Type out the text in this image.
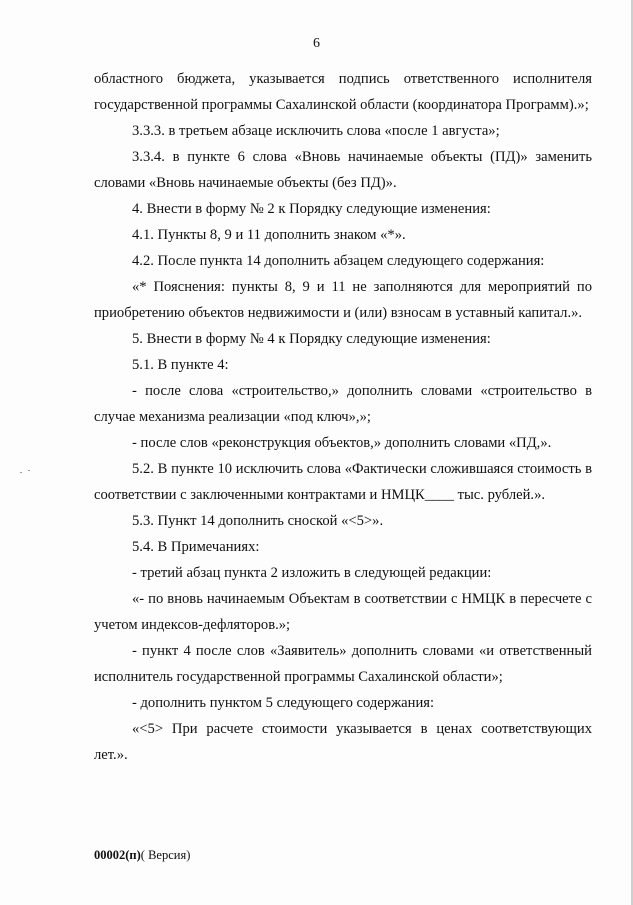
6

областного бюджета, указывается подпись ответственного исполнителя государственной программы Сахалинской области (координатора Программ).»;

3.3.3. в третьем абзаце исключить слова «после 1 августа»;

3.3.4. в пункте 6 слова «Вновь начинаемые объекты (ПД)» заменить словами «Вновь начинаемые объекты (без ПД)».

4. Внести в форму № 2 к Порядку следующие изменения:

4.1. Пункты 8, 9 и 11 дополнить знаком «*».

4.2. После пункта 14 дополнить абзацем следующего содержания:

«* Пояснения: пункты 8, 9 и 11 не заполняются для мероприятий по приобретению объектов недвижимости и (или) взносам в уставный капитал.».

5. Внести в форму № 4 к Порядку следующие изменения:

5.1. В пункте 4:

- после слова «строительство,» дополнить словами «строительство в случае механизма реализации «под ключ»,»;

- после слов «реконструкция объектов,» дополнить словами «ПД,».

5.2. В пункте 10 исключить слова «Фактически сложившаяся стоимость в соответствии с заключенными контрактами и НМЦК____ тыс. рублей.».

5.3. Пункт 14 дополнить сноской «<5>».

5.4. В Примечаниях:

- третий абзац пункта 2 изложить в следующей редакции:

«- по вновь начинаемым Объектам в соответствии с НМЦК в пересчете с учетом индексов-дефляторов.»;

- пункт 4 после слов «Заявитель» дополнить словами «и ответственный исполнитель государственной программы Сахалинской области»;

- дополнить пунктом 5 следующего содержания:

«<5> При расчете стоимости указывается в ценах соответствующих лет.».

00002(п)( Версия)
